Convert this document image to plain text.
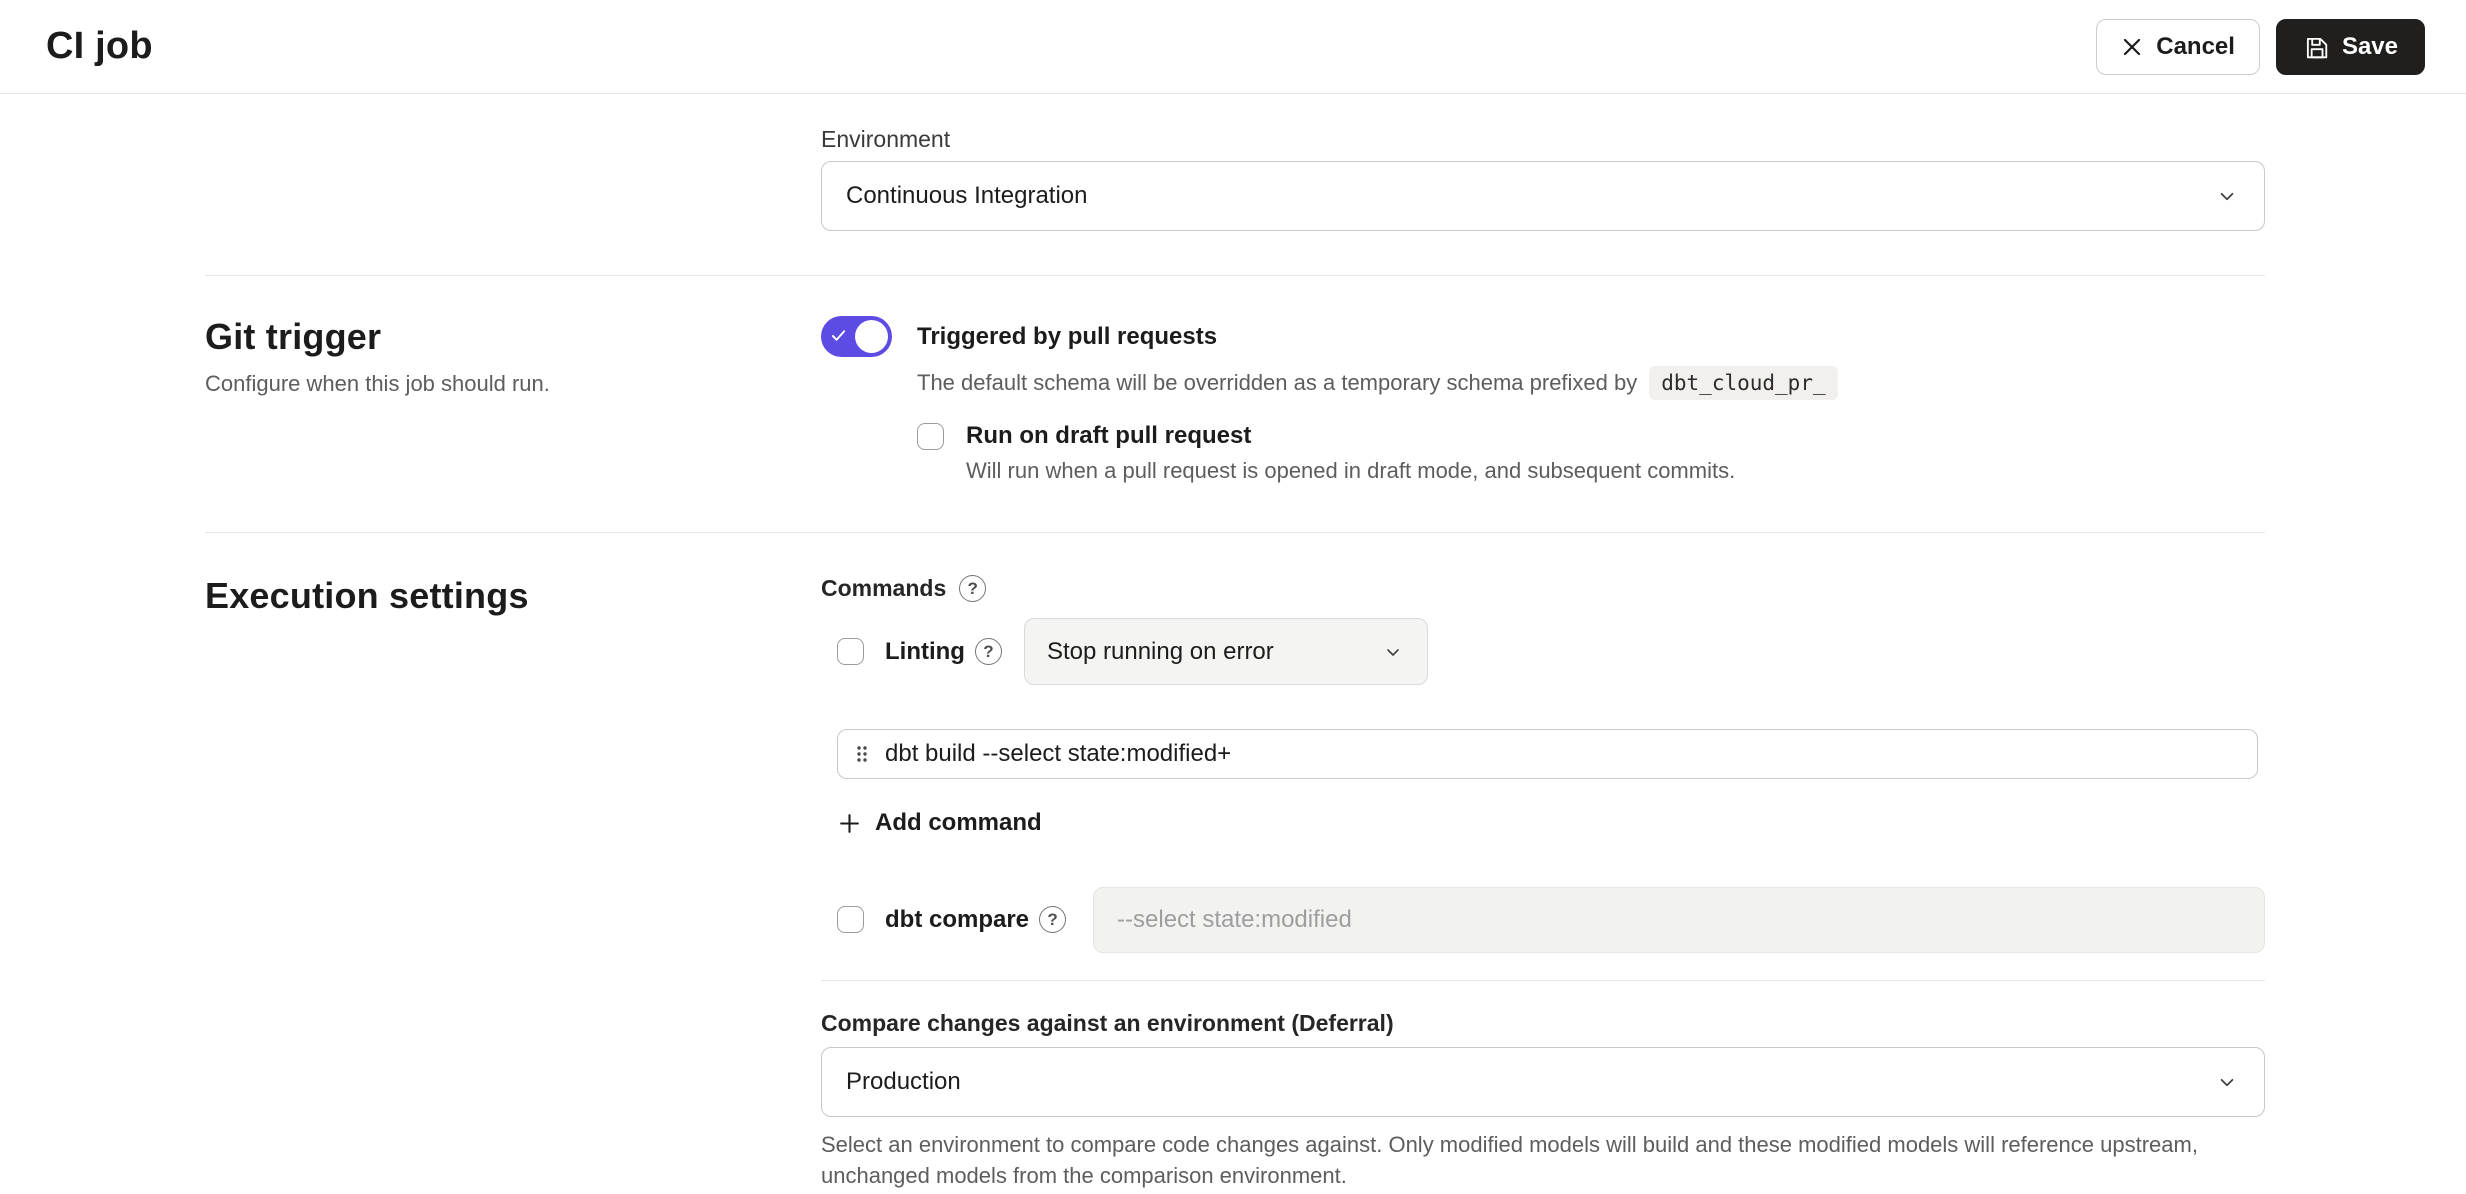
CI job	Cancel	Save
Environment
Continuous Integration
Git trigger
Configure when this job should run.
Triggered by pull requests
The default schema will be overridden as a temporary schema prefixed by	dbt_cloud_pr_
Run on draft pull request
Will run when a pull request is opened in draft mode, and subsequent commits.
Execution settings	Commands	?
Linting	?	Stop running on error
dbt build --select state:modified+
Add command
dbt compare	?
--select state:modified
Compare changes against an environment (Deferral)
Production
Select an environment to compare code changes against. Only modified models will build and these modified models will reference upstream, unchanged models from the comparison environment.
